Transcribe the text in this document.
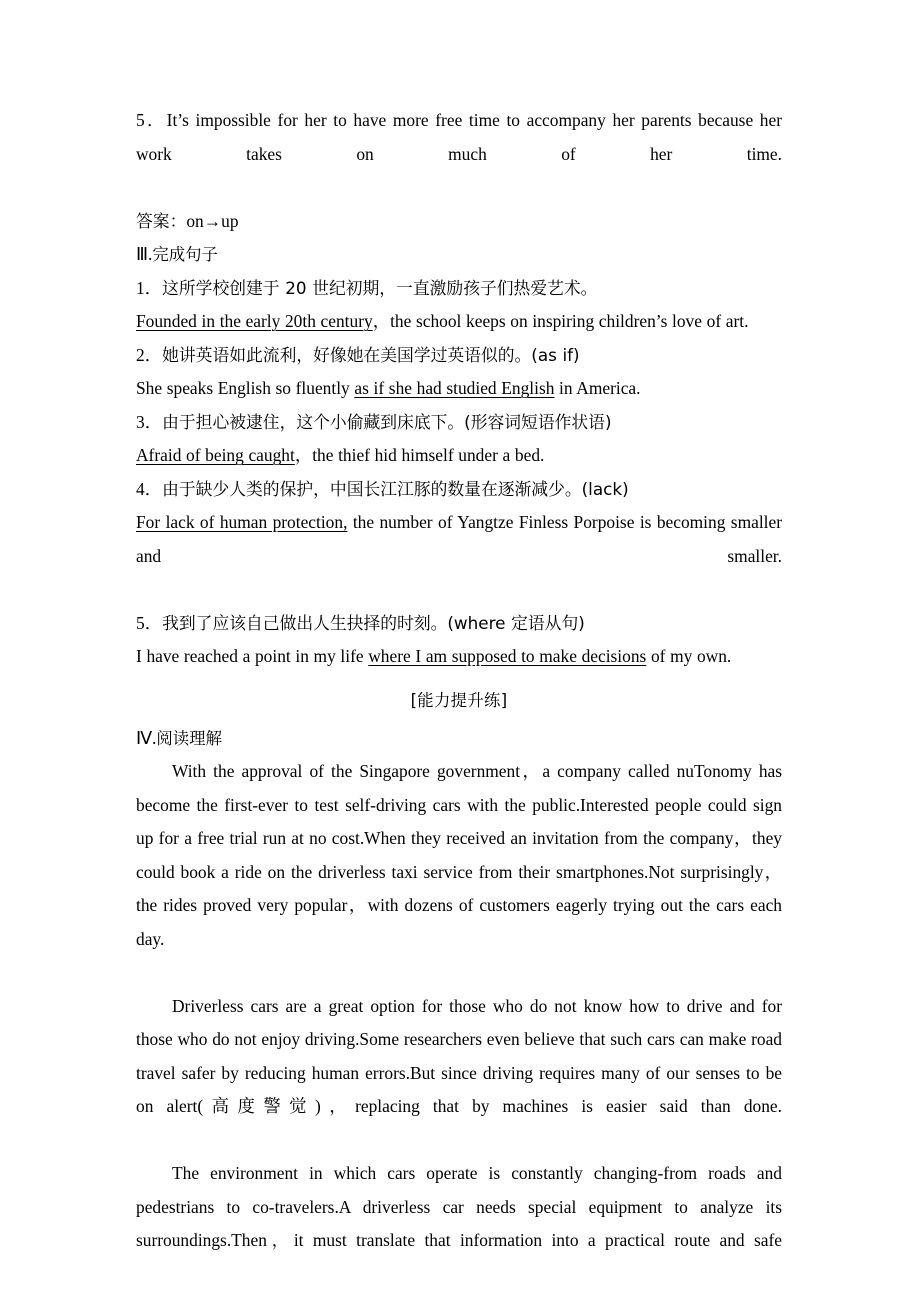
5．It’s impossible for her to have more free time to accompany her parents because her work takes on much of her time.
答案：on→up
Ⅲ.完成句子
1．这所学校创建于 20 世纪初期，一直激励孩子们热爱艺术。
Founded in the early 20th century，the school keeps on inspiring children’s love of art.
2．她讲英语如此流利，好像她在美国学过英语似的。(as if)
She speaks English so fluently as if she had studied English in America.
3．由于担心被逮住，这个小偷藏到床底下。(形容词短语作状语)
Afraid of being caught，the thief hid himself under a bed.
4．由于缺少人类的保护，中国长江江豚的数量在逐渐减少。(lack)
For lack of human protection, the number of Yangtze Finless Porpoise is becoming smaller and smaller.
5．我到了应该自己做出人生抉择的时刻。(where 定语从句)
I have reached a point in my life where I am supposed to make decisions of my own.
[能力提升练]
Ⅳ.阅读理解

With the approval of the Singapore government，a company called nuTonomy has become the first-ever to test self-driving cars with the public.Interested people could sign up for a free trial run at no cost.When they received an invitation from the company，they could book a ride on the driverless taxi service from their smartphones.Not surprisingly，the rides proved very popular，with dozens of customers eagerly trying out the cars each day.

Driverless cars are a great option for those who do not know how to drive and for those who do not enjoy driving.Some researchers even believe that such cars can make road travel safer by reducing human errors.But since driving requires many of our senses to be on alert(高度警觉)，replacing that by machines is easier said than done.

The environment in which cars operate is constantly changing-from roads and pedestrians to co-travelers.A driverless car needs special equipment to analyze its surroundings.Then，it must translate that information into a practical route and safe
